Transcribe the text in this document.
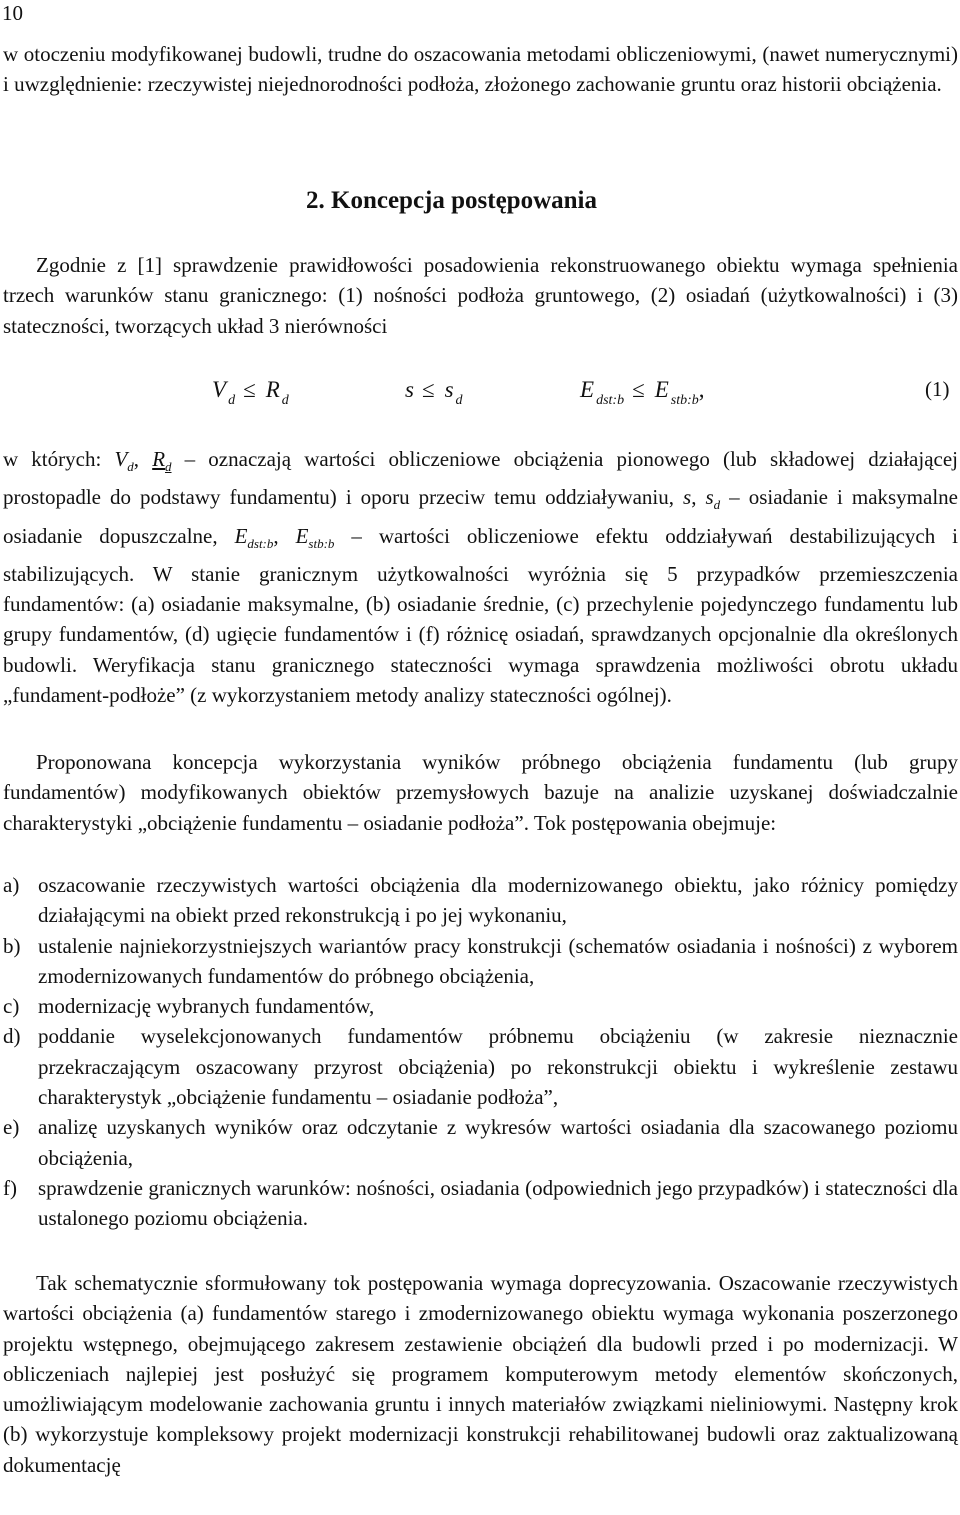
10

w otoczeniu modyfikowanej budowli, trudne do oszacowania metodami obliczeniowymi, (nawet numerycznymi) i uwzględnienie: rzeczywistej niejednorodności podłoża, złożonego zachowanie gruntu oraz historii obciążenia.

2. Koncepcja postępowania

Zgodnie z [1] sprawdzenie prawidłowości posadowienia rekonstruowanego obiektu wymaga spełnienia trzech warunków stanu granicznego: (1) nośności podłoża gruntowego, (2) osiadań (użytkowalności) i (3) stateczności, tworzących układ 3 nierówności

V $_d$ ≤ R $_d$	s ≤ s $_d$	E $_{dst:b}$ ≤ E $_{stb:b}$,	(1)

w których: $V_d$, $R_d$ – oznaczają wartości obliczeniowe obciążenia pionowego (lub składowej działającej prostopadle do podstawy fundamentu) i oporu przeciw temu oddziaływaniu, s, $s_d$ – osiadanie i maksymalne osiadanie dopuszczalne, $E_{dst:b}$, $E_{stb:b}$ – wartości obliczeniowe efektu oddziaływań destabilizujących i stabilizujących. W stanie granicznym użytkowalności wyróżnia się 5 przypadków przemieszczenia fundamentów: (a) osiadanie maksymalne, (b) osiadanie średnie, (c) przechylenie pojedynczego fundamentu lub grupy fundamentów, (d) ugięcie fundamentów i (f) różnicę osiadań, sprawdzanych opcjonalnie dla określonych budowli. Weryfikacja stanu granicznego stateczności wymaga sprawdzenia możliwości obrotu układu „fundament-podłoże” (z wykorzystaniem metody analizy stateczności ogólnej).

Proponowana koncepcja wykorzystania wyników próbnego obciążenia fundamentu (lub grupy fundamentów) modyfikowanych obiektów przemysłowych bazuje na analizie uzyskanej doświadczalnie charakterystyki „obciążenie fundamentu – osiadanie podłoża”. Tok postępowania obejmuje:

a) oszacowanie rzeczywistych wartości obciążenia dla modernizowanego obiektu, jako różnicy pomiędzy działającymi na obiekt przed rekonstrukcją i po jej wykonaniu,
b) ustalenie najniekorzystniejszych wariantów pracy konstrukcji (schematów osiadania i nośności) z wyborem zmodernizowanych fundamentów do próbnego obciążenia,
c) modernizację wybranych fundamentów,
d) poddanie wyselekcjonowanych fundamentów próbnemu obciążeniu (w zakresie nieznacznie przekraczającym oszacowany przyrost obciążenia) po rekonstrukcji obiektu i wykreślenie zestawu charakterystyk „obciążenie fundamentu – osiadanie podłoża”,
e) analizę uzyskanych wyników oraz odczytanie z wykresów wartości osiadania dla szacowanego poziomu obciążenia,
f) sprawdzenie granicznych warunków: nośności, osiadania (odpowiednich jego przypadków) i stateczności dla ustalonego poziomu obciążenia.

Tak schematycznie sformułowany tok postępowania wymaga doprecyzowania. Oszacowanie rzeczywistych wartości obciążenia (a) fundamentów starego i zmodernizowanego obiektu wymaga wykonania poszerzonego projektu wstępnego, obejmującego zakresem zestawienie obciążeń dla budowli przed i po modernizacji. W obliczeniach najlepiej jest posłużyć się programem komputerowym metody elementów skończonych, umożliwiającym modelowanie zachowania gruntu i innych materiałów związkami nieliniowymi. Następny krok (b) wykorzystuje kompleksowy projekt modernizacji konstrukcji rehabilitowanej budowli oraz zaktualizowaną dokumentację
